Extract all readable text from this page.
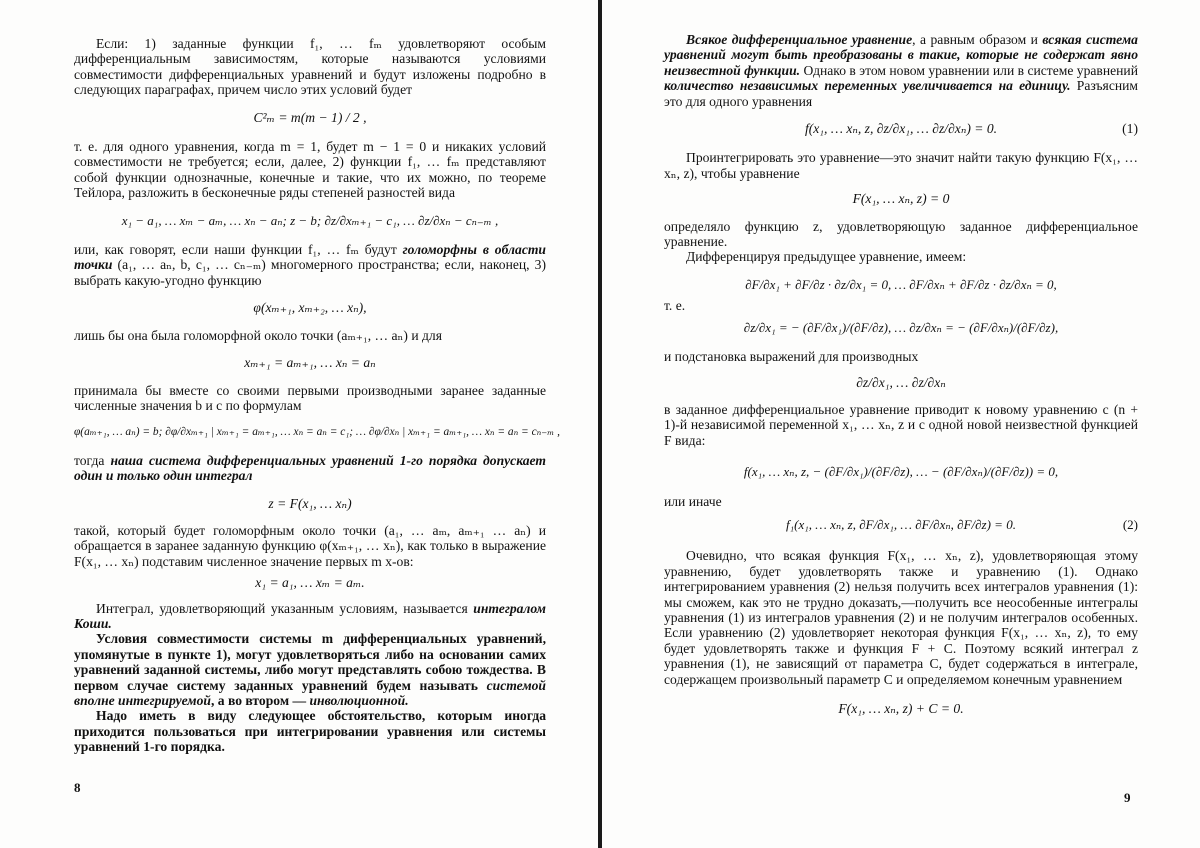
Если: 1) заданные функции f₁, … fₘ удовлетворяют особым дифференциальным зависимостям, которые называются условиями совместимости дифференциальных уравнений и будут изложены подробно в следующих параграфах, причем число этих условий будет

C²ₘ = m(m − 1) / 2 ,

т. е. для одного уравнения, когда m = 1, будет m − 1 = 0 и никаких условий совместимости не требуется; если, далее, 2) функции f₁, … fₘ представляют собой функции однозначные, конечные и такие, что их можно, по теореме Тейлора, разложить в бесконечные ряды степеней разностей вида

x₁ − a₁, … xₘ − aₘ, … xₙ − aₙ; z − b; ∂z/∂xₘ₊₁ − c₁, … ∂z/∂xₙ − cₙ₋ₘ ,

или, как говорят, если наши функции f₁, … fₘ будут голоморфны в области точки (a₁, … aₙ, b, c₁, … cₙ₋ₘ) многомерного пространства; если, наконец, 3) выбрать какую-угодно функцию

φ(xₘ₊₁, xₘ₊₂, … xₙ),

лишь бы она была голоморфной около точки (aₘ₊₁, … aₙ) и для

xₘ₊₁ = aₘ₊₁, … xₙ = aₙ

принимала бы вместе со своими первыми производными заранее заданные численные значения b и c по формулам

φ(aₘ₊₁, … aₙ) = b; ∂φ/∂xₘ₊₁ | xₘ₊₁ = aₘ₊₁, … xₙ = aₙ = c₁; … ∂φ/∂xₙ | xₘ₊₁ = aₘ₊₁, … xₙ = aₙ = cₙ₋ₘ ,

тогда наша система дифференциальных уравнений 1-го порядка допускает один и только один интеграл

z = F(x₁, … xₙ)

такой, который будет голоморфным около точки (a₁, … aₘ, aₘ₊₁ … aₙ) и обращается в заранее заданную функцию φ(xₘ₊₁, … xₙ), как только в выражение F(x₁, … xₙ) подставим численное значение первых m x-ов:

x₁ = a₁, … xₘ = aₘ.

Интеграл, удовлетворяющий указанным условиям, называется интегралом Коши.

Условия совместимости системы m дифференциальных уравнений, упомянутые в пункте 1), могут удовлетворяться либо на основании самих уравнений заданной системы, либо могут представлять собою тождества. В первом случае систему заданных уравнений будем называть системой вполне интегрируемой, а во втором — инволюционной.

Надо иметь в виду следующее обстоятельство, которым иногда приходится пользоваться при интегрировании уравнения или системы уравнений 1-го порядка.

8

Всякое дифференциальное уравнение, а равным образом и всякая система уравнений могут быть преобразованы в такие, которые не содержат явно неизвестной функции. Однако в этом новом уравнении или в системе уравнений количество независимых переменных увеличивается на единицу. Разъясним это для одного уравнения

f(x₁, … xₙ, z, ∂z/∂x₁, … ∂z/∂xₙ) = 0.	(1)

Проинтегрировать это уравнение—это значит найти такую функцию F(x₁, … xₙ, z), чтобы уравнение

F(x₁, … xₙ, z) = 0

определяло функцию z, удовлетворяющую заданное дифференциальное уравнение.

Дифференцируя предыдущее уравнение, имеем:

∂F/∂x₁ + ∂F/∂z · ∂z/∂x₁ = 0, … ∂F/∂xₙ + ∂F/∂z · ∂z/∂xₙ = 0,

т. е.

∂z/∂x₁ = − (∂F/∂x₁)/(∂F/∂z), … ∂z/∂xₙ = − (∂F/∂xₙ)/(∂F/∂z),

и подстановка выражений для производных

∂z/∂x₁, … ∂z/∂xₙ

в заданное дифференциальное уравнение приводит к новому уравнению с (n + 1)-й независимой переменной x₁, … xₙ, z и с одной новой неизвестной функцией F вида:

f(x₁, … xₙ, z, − (∂F/∂x₁)/(∂F/∂z), … − (∂F/∂xₙ)/(∂F/∂z)) = 0,

или иначе

f₁(x₁, … xₙ, z, ∂F/∂x₁, … ∂F/∂xₙ, ∂F/∂z) = 0.	(2)

Очевидно, что всякая функция F(x₁, … xₙ, z), удовлетворяющая этому уравнению, будет удовлетворять также и уравнению (1). Однако интегрированием уравнения (2) нельзя получить всех интегралов уравнения (1): мы сможем, как это не трудно доказать,—получить все неособенные интегралы уравнения (1) из интегралов уравнения (2) и не получим интегралов особенных. Если уравнению (2) удовлетворяет некоторая функция F(x₁, … xₙ, z), то ему будет удовлетворять также и функция F + C. Поэтому всякий интеграл z уравнения (1), не зависящий от параметра C, будет содержаться в интеграле, содержащем произвольный параметр C и определяемом конечным уравнением

F(x₁, … xₙ, z) + C = 0.
9
